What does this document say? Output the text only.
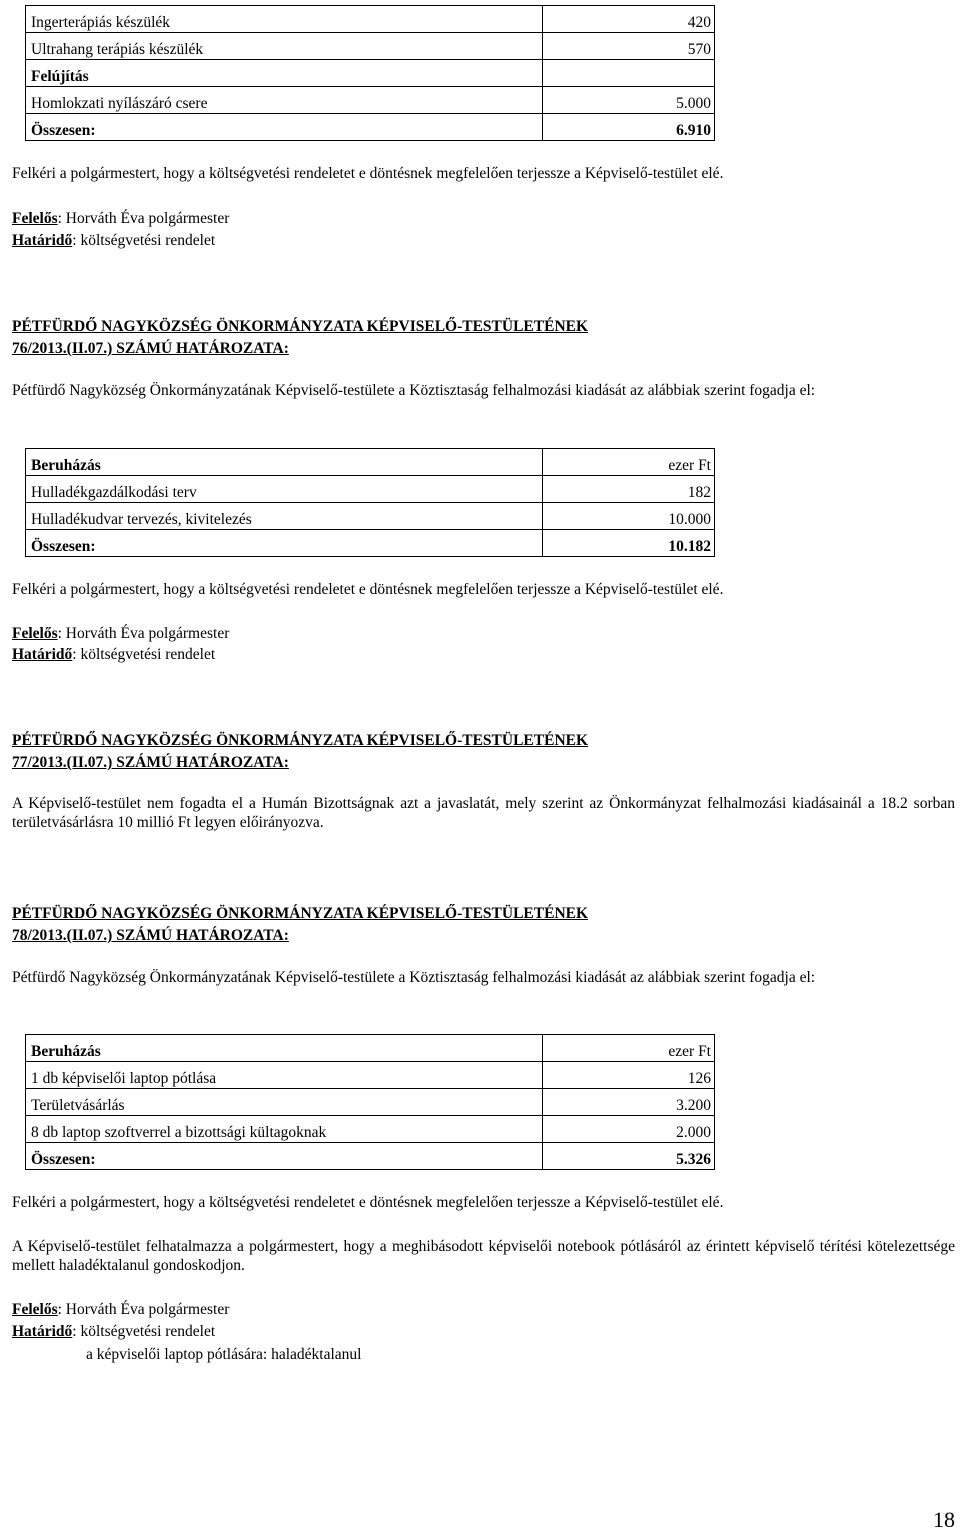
Ingerterápiás készülék	420
Ultrahang terápiás készülék	570
Felújítás	
Homlokzati nyílászáró csere	5.000
Összesen:	6.910
Felkéri a polgármestert, hogy a költségvetési rendeletet e döntésnek megfelelően terjessze a Képviselő-testület elé.
Felelős: Horváth Éva polgármester
Határidő: költségvetési rendelet
PÉTFÜRDŐ NAGYKÖZSÉG ÖNKORMÁNYZATA KÉPVISELŐ-TESTÜLETÉNEK
76/2013.(II.07.) SZÁMÚ HATÁROZATA:
Pétfürdő Nagyközség Önkormányzatának Képviselő-testülete a Köztisztaság felhalmozási kiadását az alábbiak szerint fogadja el:
Beruházás	ezer Ft
Hulladékgazdálkodási terv	182
Hulladékudvar tervezés, kivitelezés	10.000
Összesen:	10.182
Felkéri a polgármestert, hogy a költségvetési rendeletet e döntésnek megfelelően terjessze a Képviselő-testület elé.
Felelős: Horváth Éva polgármester
Határidő: költségvetési rendelet
PÉTFÜRDŐ NAGYKÖZSÉG ÖNKORMÁNYZATA KÉPVISELŐ-TESTÜLETÉNEK
77/2013.(II.07.) SZÁMÚ HATÁROZATA:
A Képviselő-testület nem fogadta el a Humán Bizottságnak azt a javaslatát, mely szerint az Önkormányzat felhalmozási kiadásainál a 18.2 sorban területvásárlásra 10 millió Ft legyen előirányozva.
PÉTFÜRDŐ NAGYKÖZSÉG ÖNKORMÁNYZATA KÉPVISELŐ-TESTÜLETÉNEK
78/2013.(II.07.) SZÁMÚ HATÁROZATA:
Pétfürdő Nagyközség Önkormányzatának Képviselő-testülete a Köztisztaság felhalmozási kiadását az alábbiak szerint fogadja el:
Beruházás	ezer Ft
1 db képviselői laptop pótlása	126
Területvásárlás	3.200
8 db laptop szoftverrel a bizottsági kültagoknak	2.000
Összesen:	5.326
Felkéri a polgármestert, hogy a költségvetési rendeletet e döntésnek megfelelően terjessze a Képviselő-testület elé.
A Képviselő-testület felhatalmazza a polgármestert, hogy a meghibásodott képviselői notebook pótlásáról az érintett képviselő térítési kötelezettsége mellett haladéktalanul gondoskodjon.
Felelős: Horváth Éva polgármester
Határidő: költségvetési rendelet
a képviselői laptop pótlására: haladéktalanul
18
